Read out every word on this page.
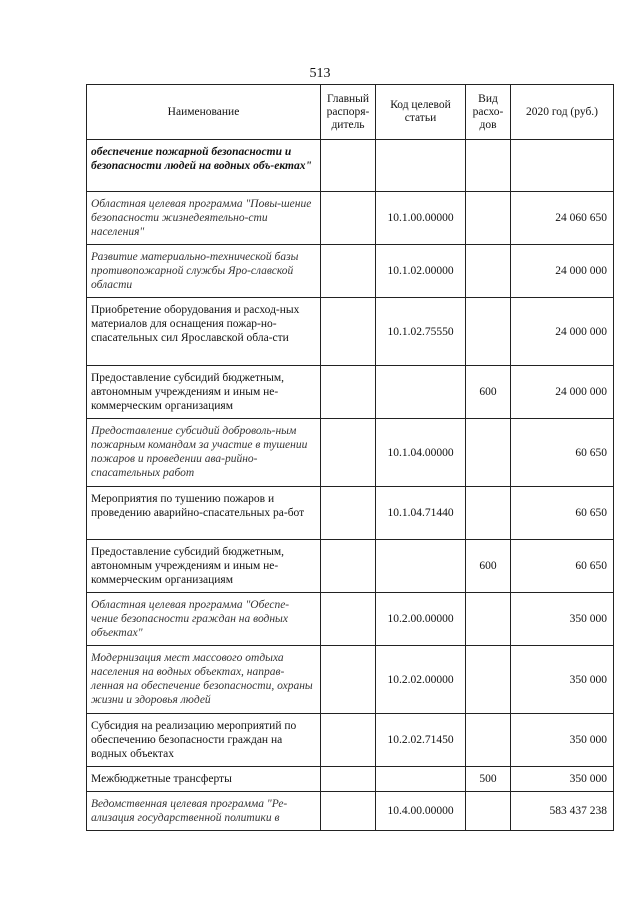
513
Наименование	Главный распоря-дитель	Код целевой статьи	Вид расхо-дов	2020 год (руб.)
обеспечение пожарной безопасности и безопасности людей на водных объ-ектах"				
Областная целевая программа "Повы-шение безопасности жизнедеятельно-сти населения"		10.1.00.00000		24 060 650
Развитие материально-технической базы противопожарной службы Яро-славской области		10.1.02.00000		24 000 000
Приобретение оборудования и расход-ных материалов для оснащения пожар-но-спасательных сил Ярославской обла-сти		10.1.02.75550		24 000 000
Предоставление субсидий бюджетным, автономным учреждениям и иным не-коммерческим организациям			600	24 000 000
Предоставление субсидий доброволь-ным пожарным командам за участие в тушении пожаров и проведении ава-рийно-спасательных работ		10.1.04.00000		60 650
Мероприятия по тушению пожаров и проведению аварийно-спасательных ра-бот		10.1.04.71440		60 650
Предоставление субсидий бюджетным, автономным учреждениям и иным не-коммерческим организациям			600	60 650
Областная целевая программа "Обеспе-чение безопасности граждан на водных объектах"		10.2.00.00000		350 000
Модернизация мест массового отдыха населения на водных объектах, направ-ленная на обеспечение безопасности, охраны жизни и здоровья людей		10.2.02.00000		350 000
Субсидия на реализацию мероприятий по обеспечению безопасности граждан на водных объектах		10.2.02.71450		350 000
Межбюджетные трансферты			500	350 000
Ведомственная целевая программа "Ре-ализация государственной политики в		10.4.00.00000		583 437 238
